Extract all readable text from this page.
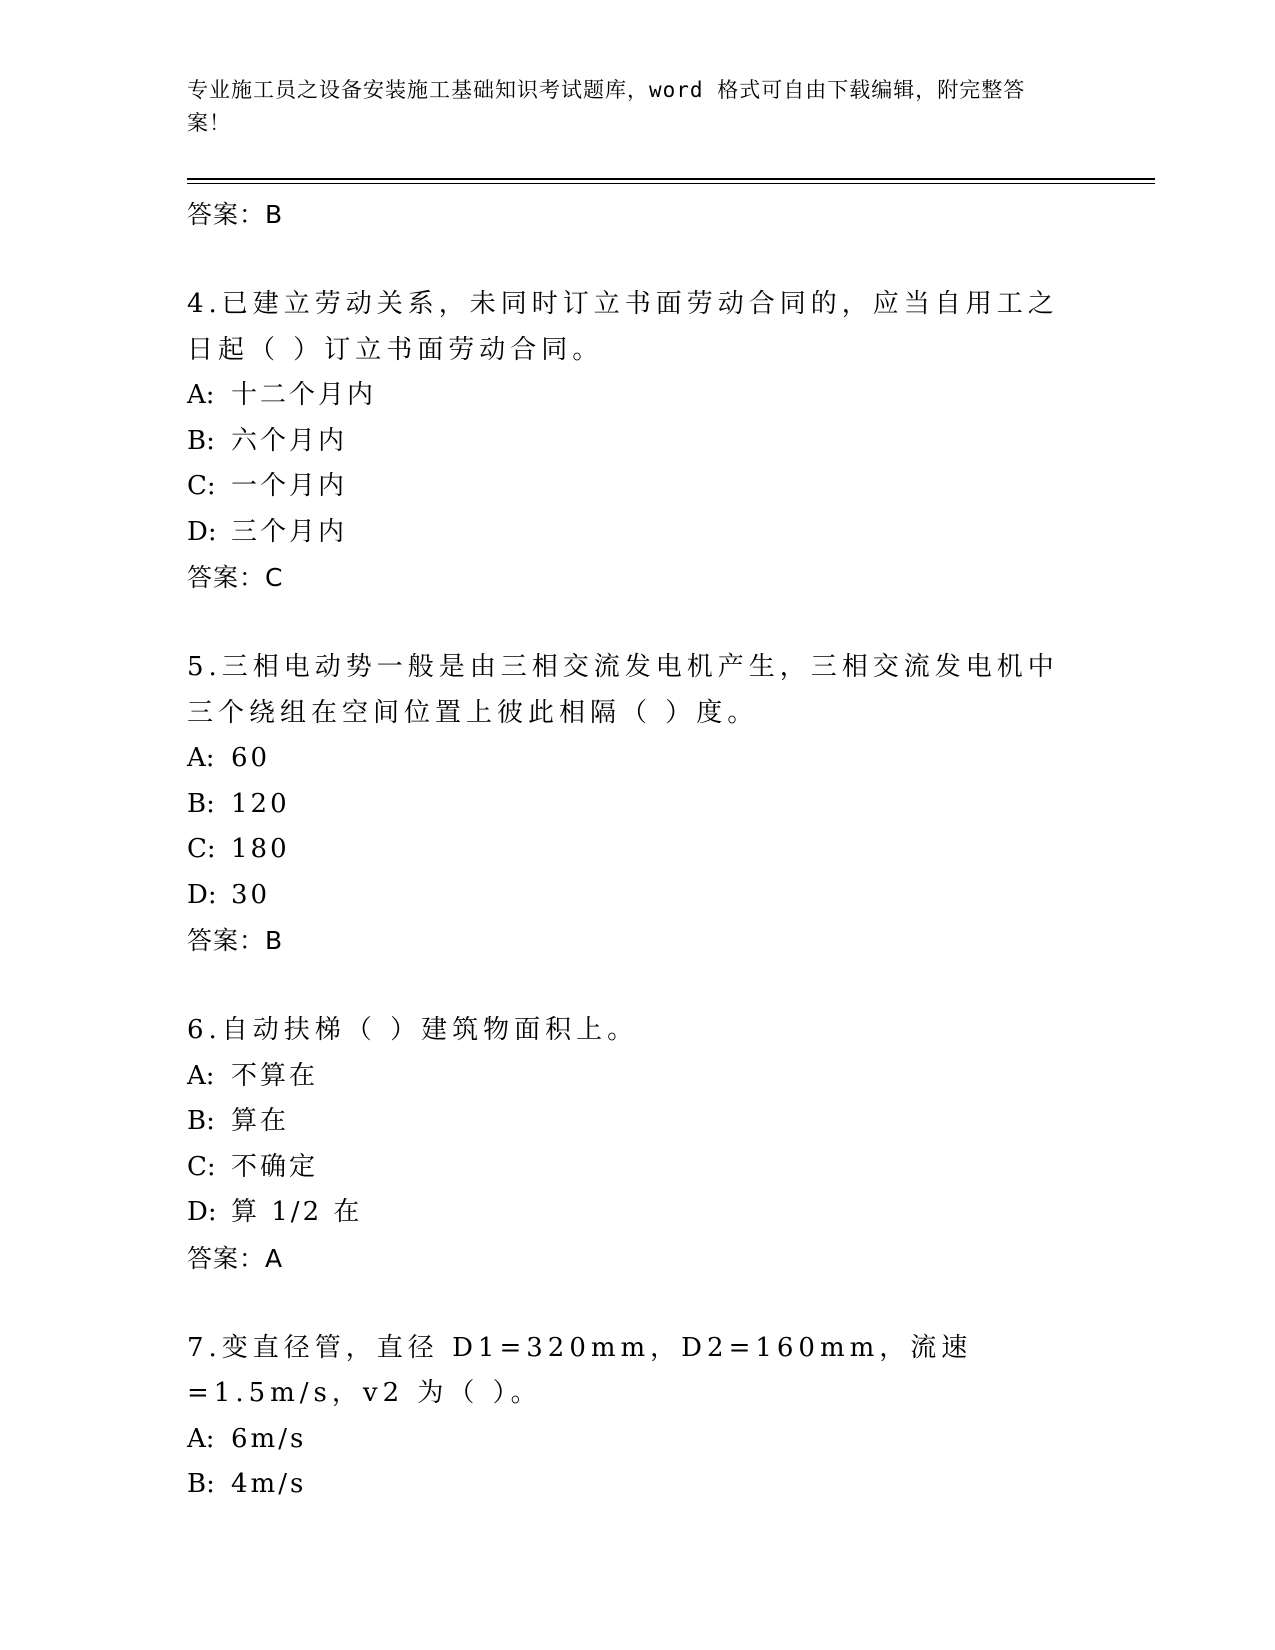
专业施工员之设备安装施工基础知识考试题库，word 格式可自由下载编辑，附完整答案！
答案：B
4.已建立劳动关系，未同时订立书面劳动合同的，应当自用工之日起（ ）订立书面劳动合同。
A: 十二个月内
B: 六个月内
C: 一个月内
D: 三个月内
答案：C
5.三相电动势一般是由三相交流发电机产生，三相交流发电机中三个绕组在空间位置上彼此相隔（ ）度。
A: 60
B: 120
C: 180
D: 30
答案：B
6.自动扶梯（ ）建筑物面积上。
A: 不算在
B: 算在
C: 不确定
D: 算 1/2 在
答案：A
7.变直径管，直径 D1=320mm，D2=160mm，流速=1.5m/s，v2 为（ ）。
A: 6m/s
B: 4m/s
